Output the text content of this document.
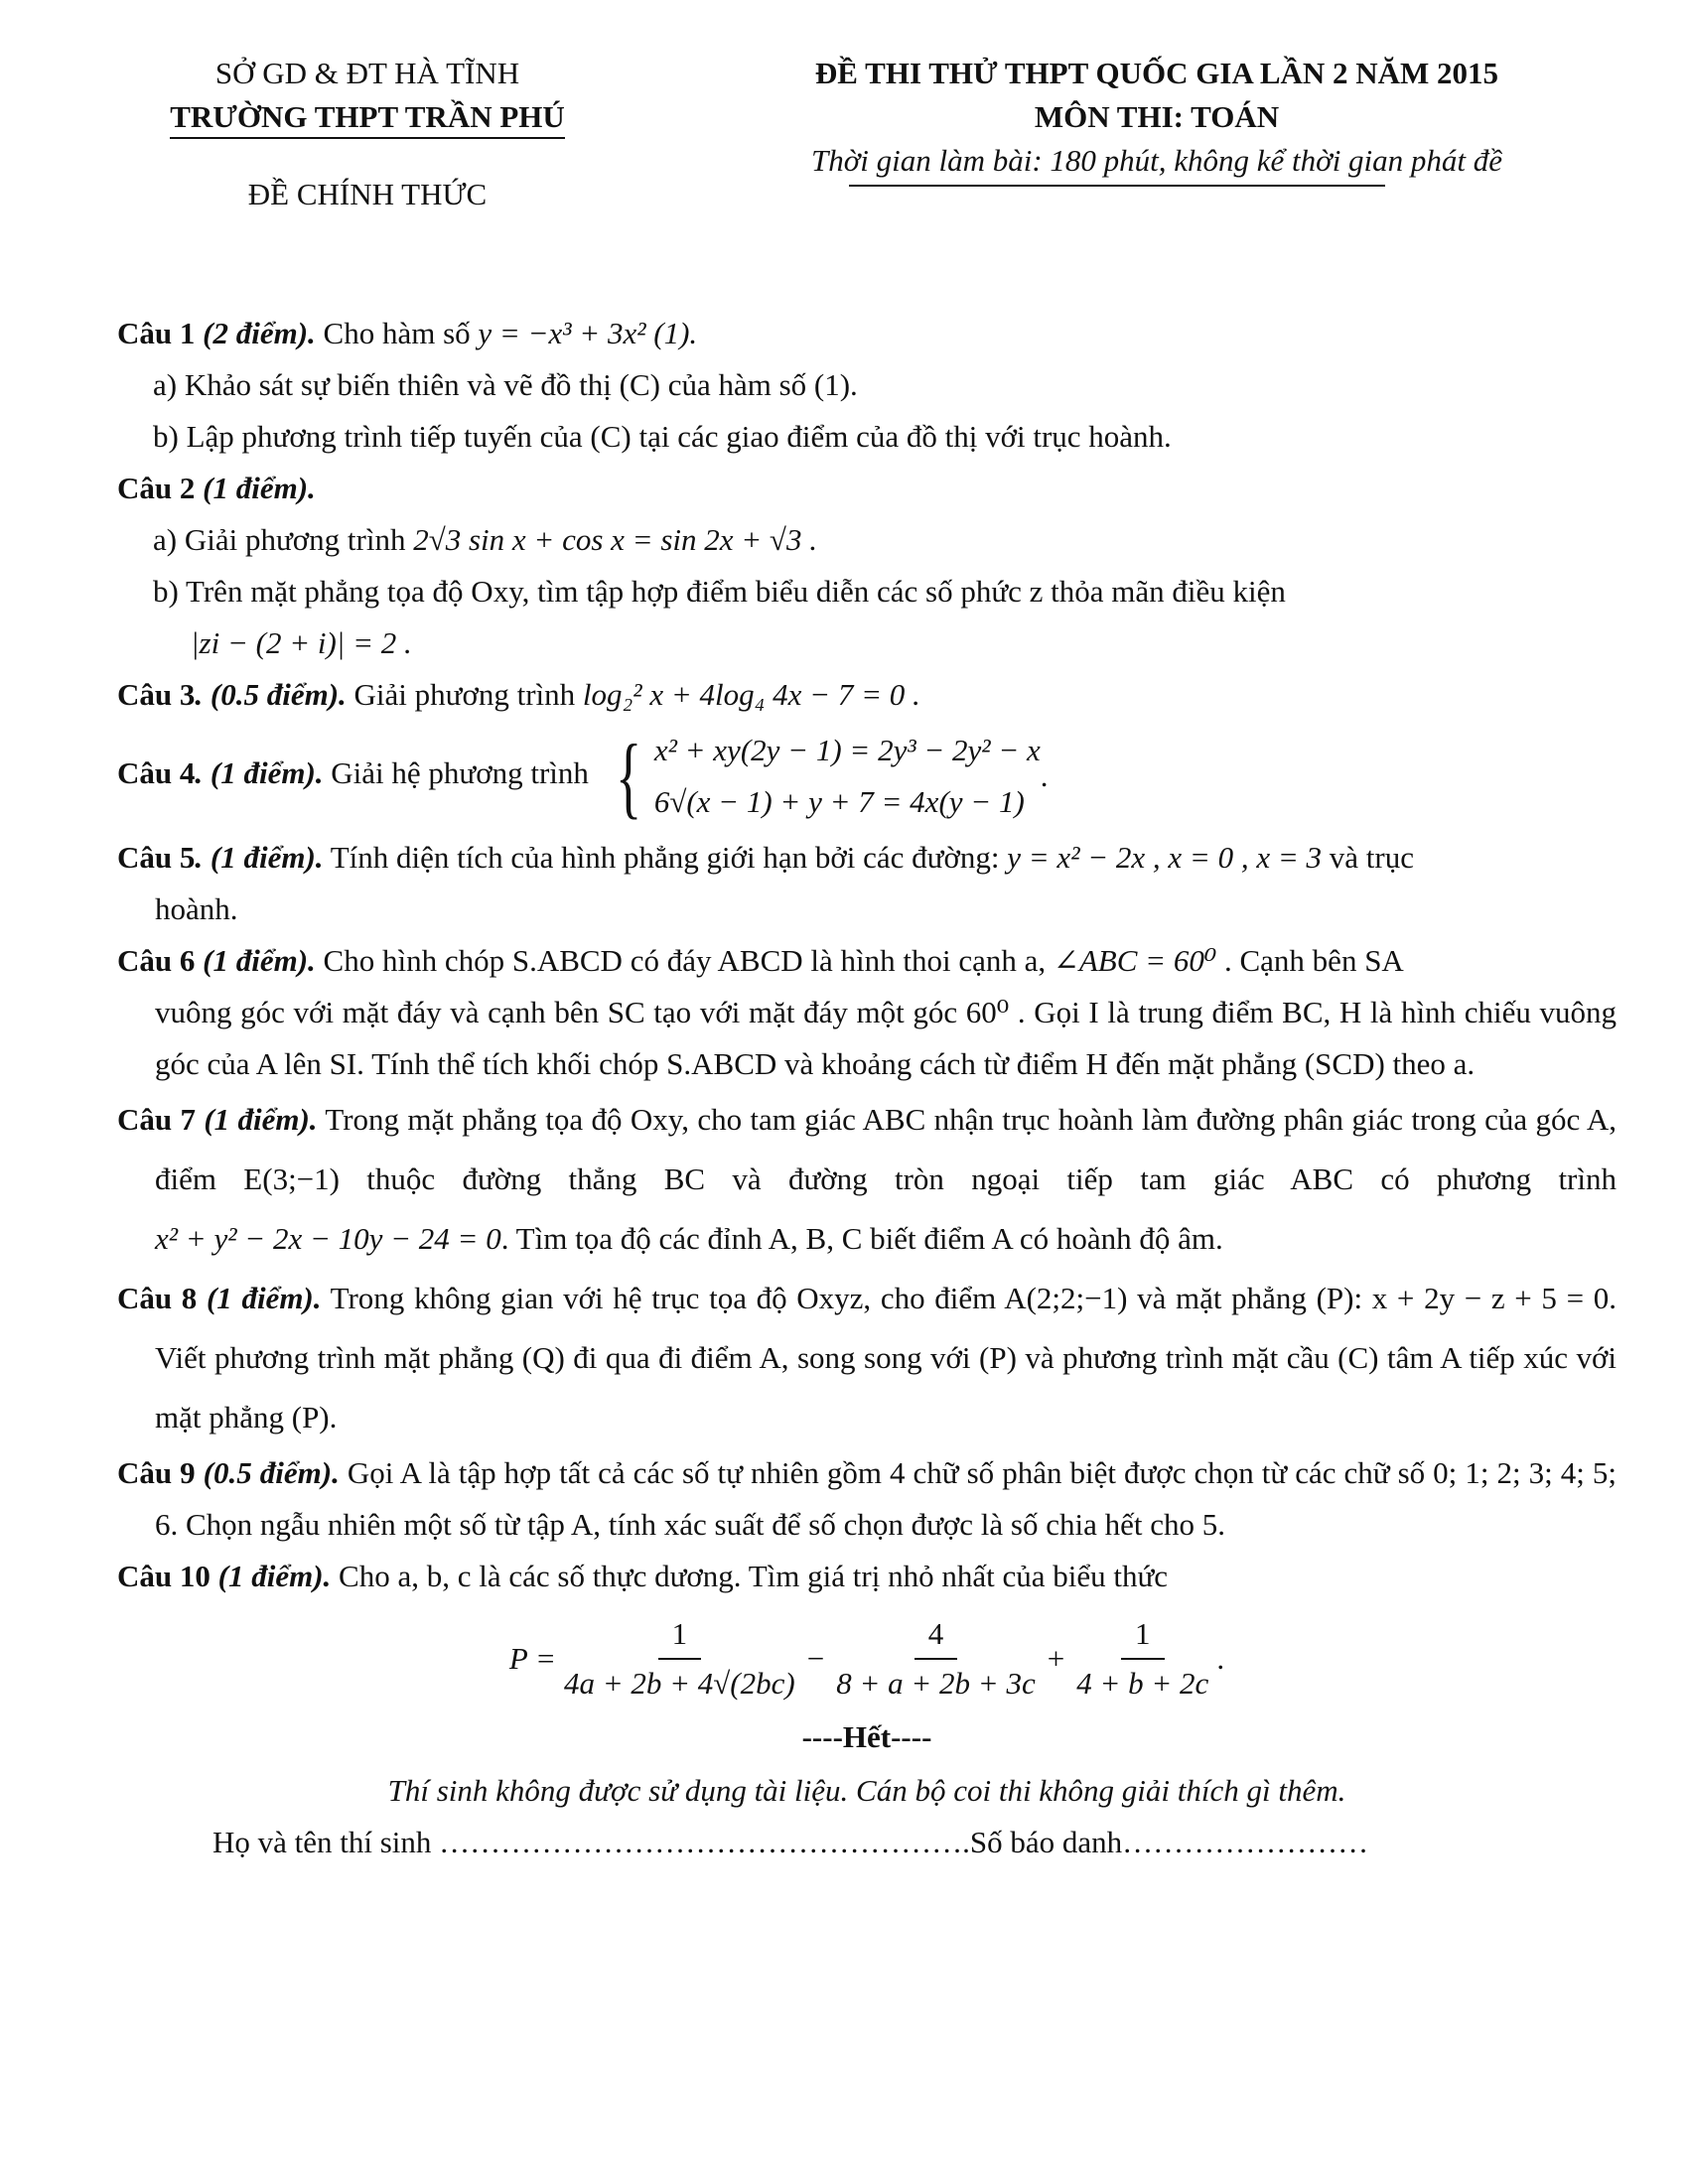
SỞ GD & ĐT HÀ TĨNH
TRƯỜNG THPT TRẦN PHÚ
ĐỀ CHÍNH THỨC
ĐỀ THI THỬ THPT QUỐC GIA LẦN 2 NĂM 2015
MÔN THI: TOÁN
Thời gian làm bài: 180 phút, không kể thời gian phát đề
Câu 1 (2 điểm). Cho hàm số y = −x³ + 3x² (1).
a) Khảo sát sự biến thiên và vẽ đồ thị (C) của hàm số (1).
b) Lập phương trình tiếp tuyến của (C) tại các giao điểm của đồ thị với trục hoành.
Câu 2 (1 điểm).
a) Giải phương trình 2√3 sin x + cos x = sin 2x + √3 .
b) Trên mặt phẳng tọa độ Oxy, tìm tập hợp điểm biểu diễn các số phức z thỏa mãn điều kiện
|zi − (2 + i)| = 2 .
Câu 3. (0.5 điểm). Giải phương trình log₂² x + 4log₄ 4x − 7 = 0 .
Câu 4. (1 điểm). Giải hệ phương trình { x² + xy(2y − 1) = 2y³ − 2y² − x
6√(x − 1) + y + 7 = 4x(y − 1)
.
Câu 5. (1 điểm). Tính diện tích của hình phẳng giới hạn bởi các đường: y = x² − 2x , x = 0 , x = 3 và trục
hoành.
Câu 6 (1 điểm). Cho hình chóp S.ABCD có đáy ABCD là hình thoi cạnh a, ∠ABC = 60⁰ . Cạnh bên SA
vuông góc với mặt đáy và cạnh bên SC tạo với mặt đáy một góc 60⁰ . Gọi I là trung điểm BC, H là hình chiếu vuông góc của A lên SI. Tính thể tích khối chóp S.ABCD và khoảng cách từ điểm H đến mặt phẳng (SCD) theo a.
Câu 7 (1 điểm). Trong mặt phẳng tọa độ Oxy, cho tam giác ABC nhận trục hoành làm đường phân giác trong của góc A, điểm E(3;−1) thuộc đường thẳng BC và đường tròn ngoại tiếp tam giác ABC có phương trình x² + y² − 2x − 10y − 24 = 0. Tìm tọa độ các đỉnh A, B, C biết điểm A có hoành độ âm.
Câu 8 (1 điểm). Trong không gian với hệ trục tọa độ Oxyz, cho điểm A(2;2;−1) và mặt phẳng (P): x + 2y − z + 5 = 0. Viết phương trình mặt phẳng (Q) đi qua đi điểm A, song song với (P) và phương trình mặt cầu (C) tâm A tiếp xúc với mặt phẳng (P).
Câu 9 (0.5 điểm). Gọi A là tập hợp tất cả các số tự nhiên gồm 4 chữ số phân biệt được chọn từ các chữ số 0; 1; 2; 3; 4; 5; 6. Chọn ngẫu nhiên một số từ tập A, tính xác suất để số chọn được là số chia hết cho 5.
Câu 10 (1 điểm). Cho a, b, c là các số thực dương. Tìm giá trị nhỏ nhất của biểu thức
$P = \frac{1}{4a + 2b + 4√(2bc)} - \frac{4}{8 + a + 2b + 3c} + \frac{1}{4 + b + 2c}$ .
----Hết----
Thí sinh không được sử dụng tài liệu. Cán bộ coi thi không giải thích gì thêm.
Họ và tên thí sinh …………………………………………….Số báo danh……………………
